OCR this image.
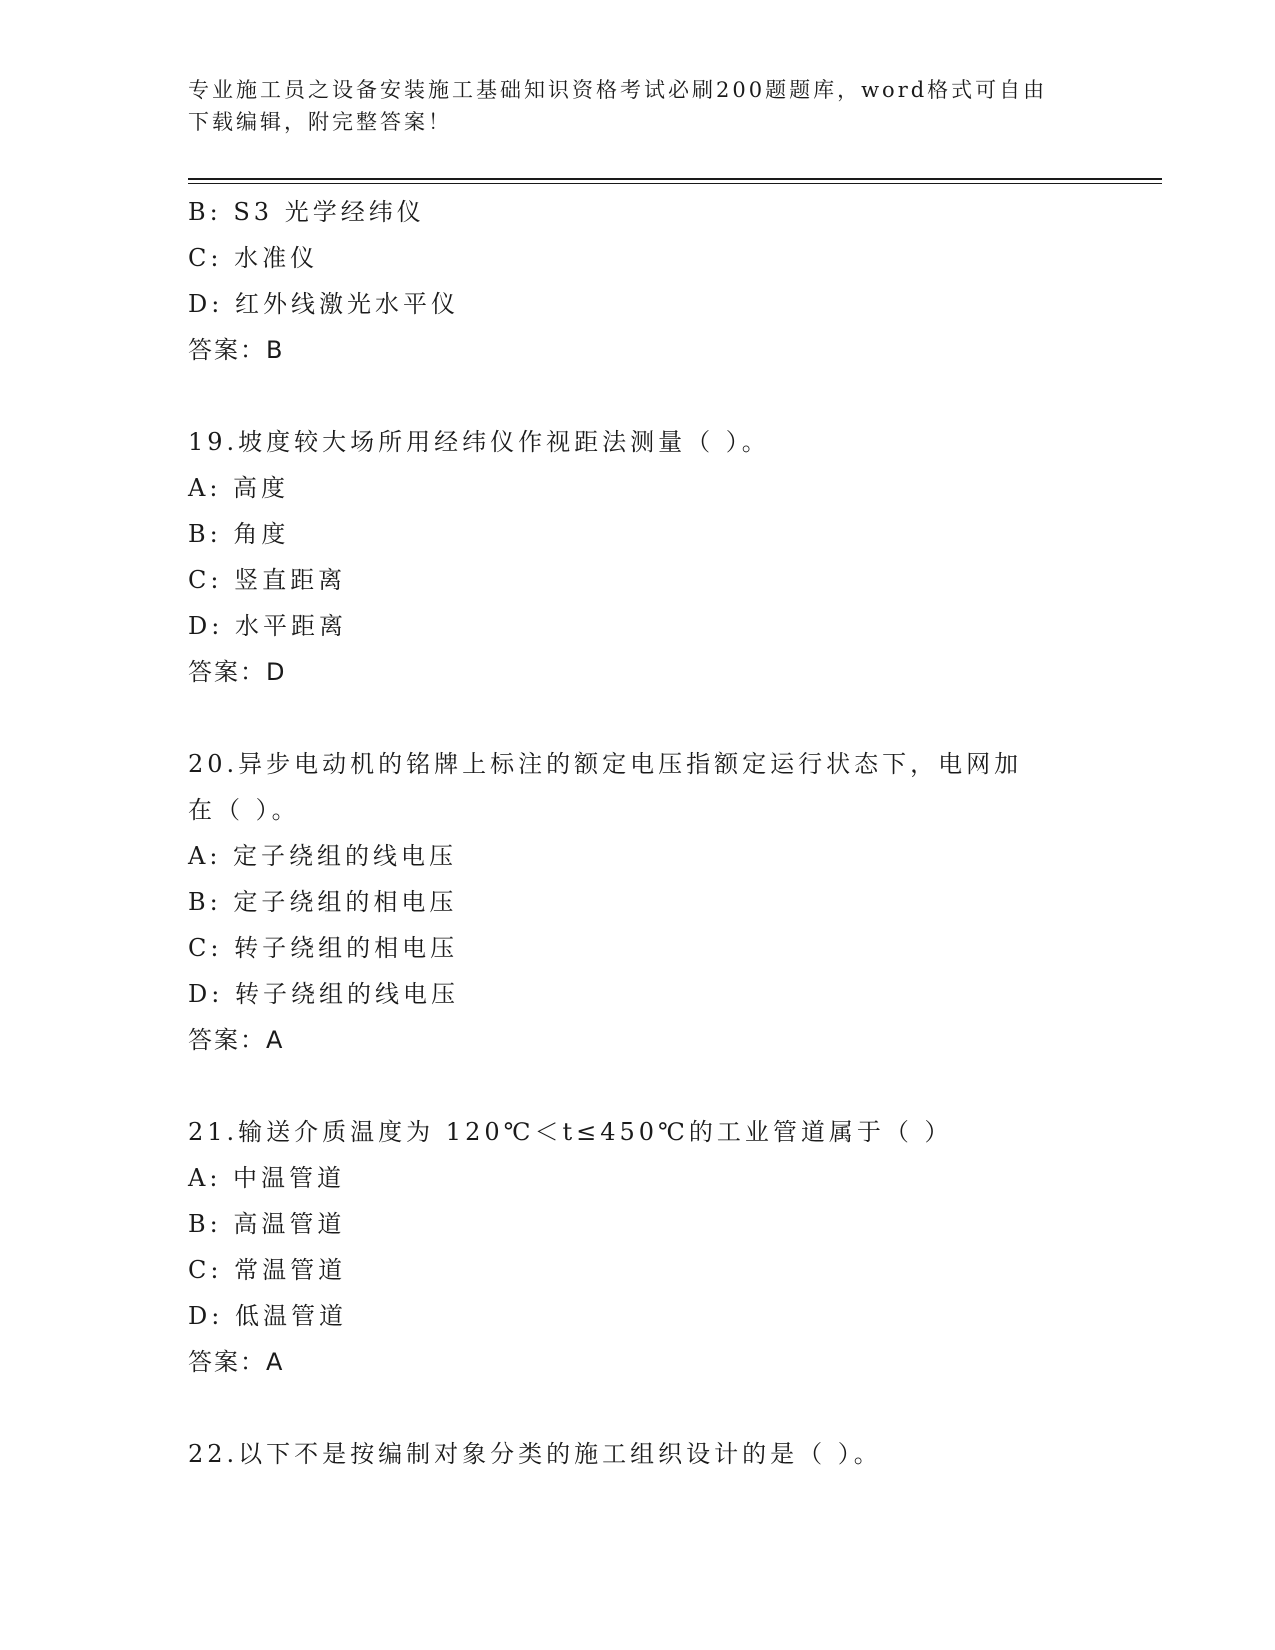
专业施工员之设备安装施工基础知识资格考试必刷200题题库，word格式可自由下载编辑，附完整答案！
B: S3 光学经纬仪
C: 水准仪
D: 红外线激光水平仪
答案：B
19.坡度较大场所用经纬仪作视距法测量（ ）。
A: 高度
B: 角度
C: 竖直距离
D: 水平距离
答案：D
20.异步电动机的铭牌上标注的额定电压指额定运行状态下，电网加在（ ）。
A: 定子绕组的线电压
B: 定子绕组的相电压
C: 转子绕组的相电压
D: 转子绕组的线电压
答案：A
21.输送介质温度为 120℃＜t≤450℃的工业管道属于（ ）
A: 中温管道
B: 高温管道
C: 常温管道
D: 低温管道
答案：A
22.以下不是按编制对象分类的施工组织设计的是（ ）。
